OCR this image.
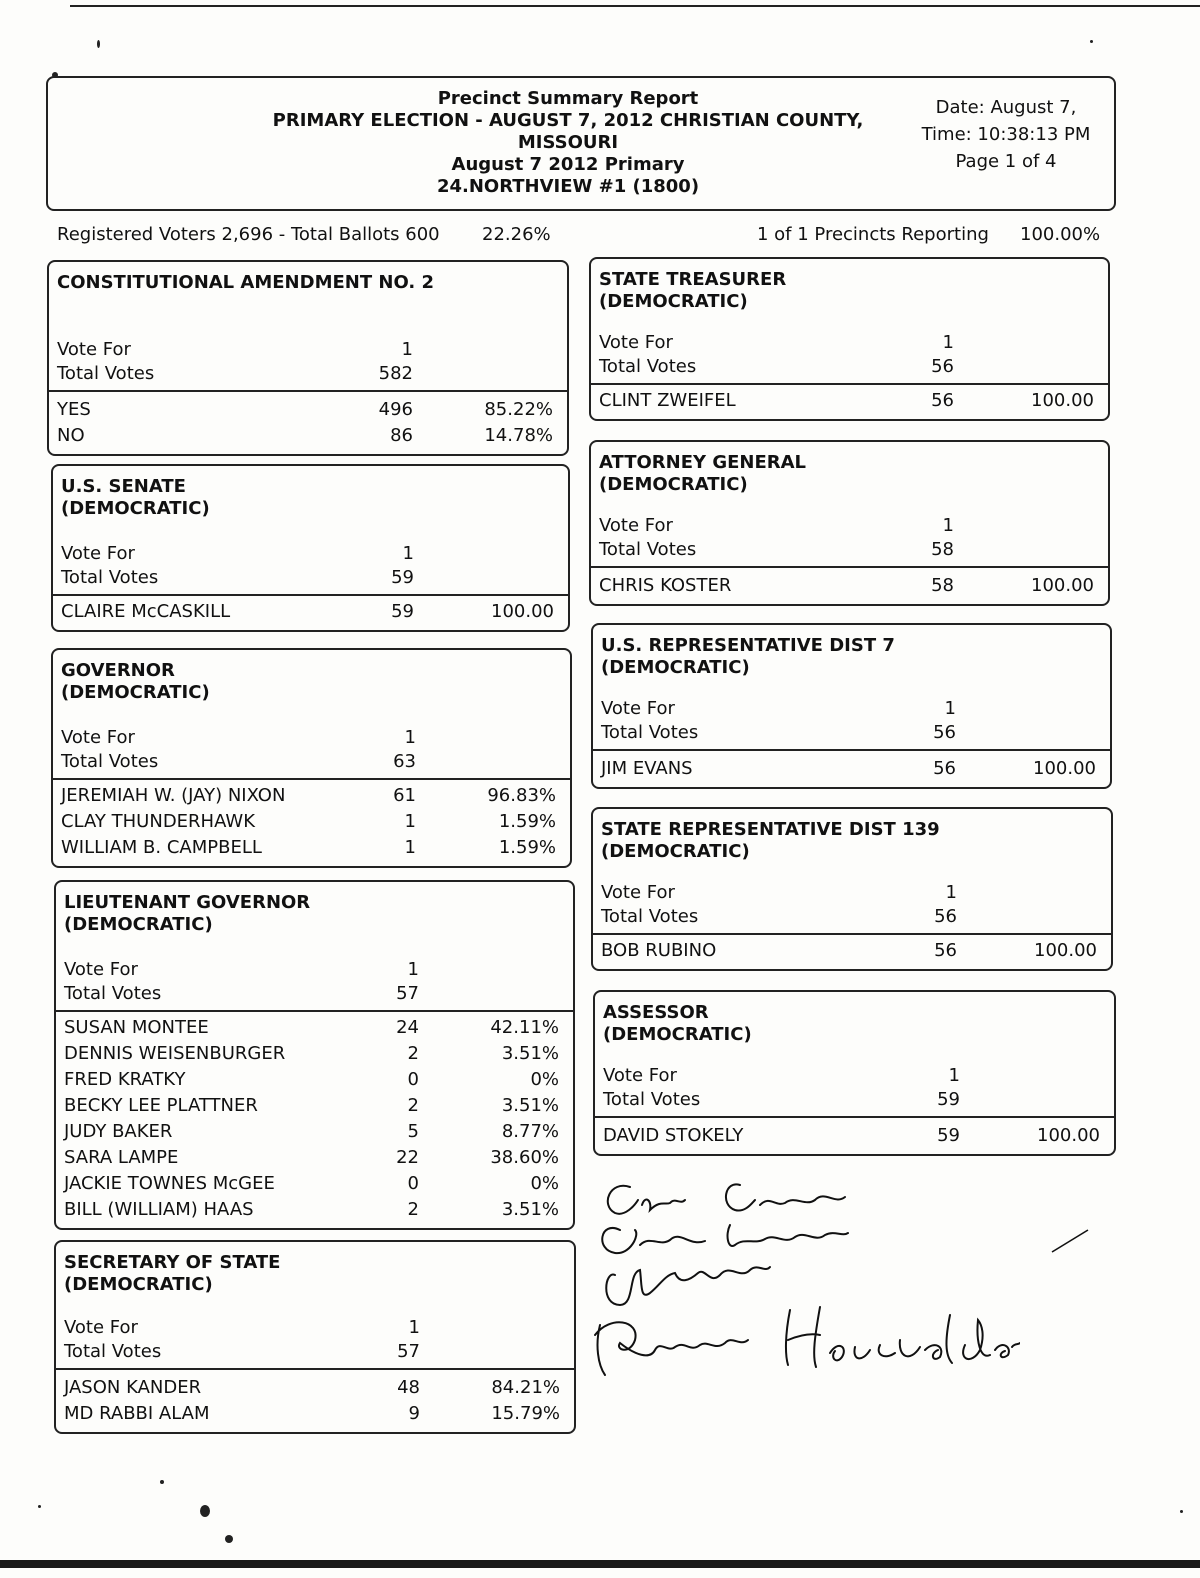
Precinct Summary Report
PRIMARY ELECTION - AUGUST 7, 2012 CHRISTIAN COUNTY,
MISSOURI
August 7 2012 Primary
24.NORTHVIEW #1 (1800)
Date: August 7,
Time: 10:38:13 PM
Page 1 of 4
Registered Voters 2,696 - Total Ballots 600 22.26%	1 of 1 Precincts Reporting 100.00%
CONSTITUTIONAL AMENDMENT NO. 2
Vote For	1
Total Votes	582
YES	496	85.22%
NO	86	14.78%
U.S. SENATE
(DEMOCRATIC)
Vote For	1
Total Votes	59
CLAIRE McCASKILL	59	100.00
GOVERNOR
(DEMOCRATIC)
Vote For	1
Total Votes	63
JEREMIAH W. (JAY) NIXON	61	96.83%
CLAY THUNDERHAWK	1	1.59%
WILLIAM B. CAMPBELL	1	1.59%
LIEUTENANT GOVERNOR
(DEMOCRATIC)
Vote For	1
Total Votes	57
SUSAN MONTEE	24	42.11%
DENNIS WEISENBURGER	2	3.51%
FRED KRATKY	0	0%
BECKY LEE PLATTNER	2	3.51%
JUDY BAKER	5	8.77%
SARA LAMPE	22	38.60%
JACKIE TOWNES McGEE	0	0%
BILL (WILLIAM) HAAS	2	3.51%
SECRETARY OF STATE
(DEMOCRATIC)
Vote For	1
Total Votes	57
JASON KANDER	48	84.21%
MD RABBI ALAM	9	15.79%
STATE TREASURER
(DEMOCRATIC)
Vote For	1
Total Votes	56
CLINT ZWEIFEL	56	100.00
ATTORNEY GENERAL
(DEMOCRATIC)
Vote For	1
Total Votes	58
CHRIS KOSTER	58	100.00
U.S. REPRESENTATIVE DIST 7
(DEMOCRATIC)
Vote For	1
Total Votes	56
JIM EVANS	56	100.00
STATE REPRESENTATIVE DIST 139
(DEMOCRATIC)
Vote For	1
Total Votes	56
BOB RUBINO	56	100.00
ASSESSOR
(DEMOCRATIC)
Vote For	1
Total Votes	59
DAVID STOKELY	59	100.00
